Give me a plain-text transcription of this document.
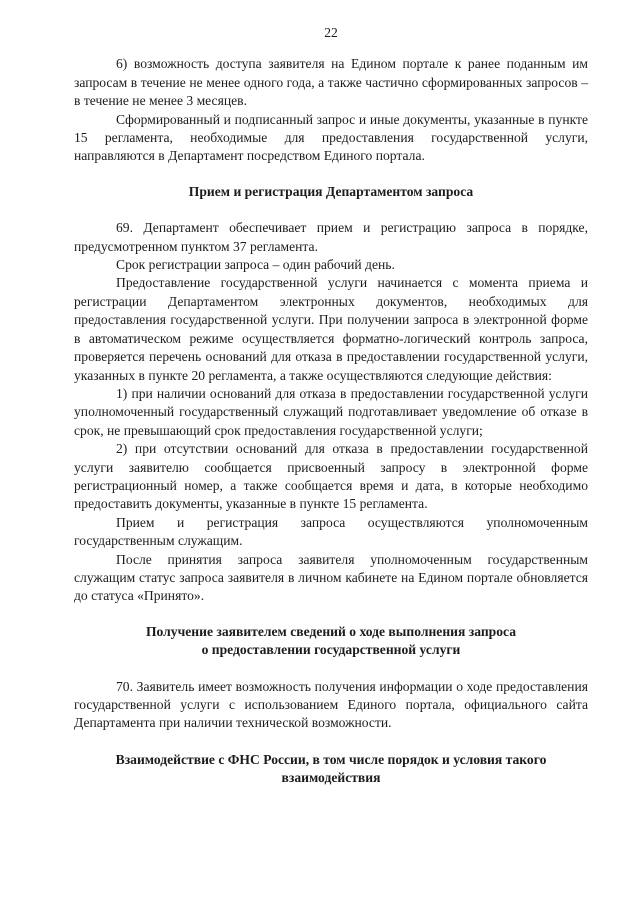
22

6) возможность доступа заявителя на Едином портале к ранее поданным им запросам в течение не менее одного года, а также частично сформированных запросов – в течение не менее 3 месяцев.

Сформированный и подписанный запрос и иные документы, указанные в пункте 15 регламента, необходимые для предоставления государственной услуги, направляются в Департамент посредством Единого портала.

Прием и регистрация Департаментом запроса

69. Департамент обеспечивает прием и регистрацию запроса в порядке, предусмотренном пунктом 37 регламента.

Срок регистрации запроса – один рабочий день.

Предоставление государственной услуги начинается с момента приема и регистрации Департаментом электронных документов, необходимых для предоставления государственной услуги. При получении запроса в электронной форме в автоматическом режиме осуществляется форматно-логический контроль запроса, проверяется перечень оснований для отказа в предоставлении государственной услуги, указанных в пункте 20 регламента, а также осуществляются следующие действия:

1) при наличии оснований для отказа в предоставлении государственной услуги уполномоченный государственный служащий подготавливает уведомление об отказе в срок, не превышающий срок предоставления государственной услуги;

2) при отсутствии оснований для отказа в предоставлении государственной услуги заявителю сообщается присвоенный запросу в электронной форме регистрационный номер, а также сообщается время и дата, в которые необходимо предоставить документы, указанные в пункте 15 регламента.

Прием и регистрация запроса осуществляются уполномоченным государственным служащим.

После принятия запроса заявителя уполномоченным государственным служащим статус запроса заявителя в личном кабинете на Едином портале обновляется до статуса «Принято».

Получение заявителем сведений о ходе выполнения запроса
о предоставлении государственной услуги

70. Заявитель имеет возможность получения информации о ходе предоставления государственной услуги с использованием Единого портала, официального сайта Департамента при наличии технической возможности.

Взаимодействие с ФНС России, в том числе порядок и условия такого
взаимодействия
